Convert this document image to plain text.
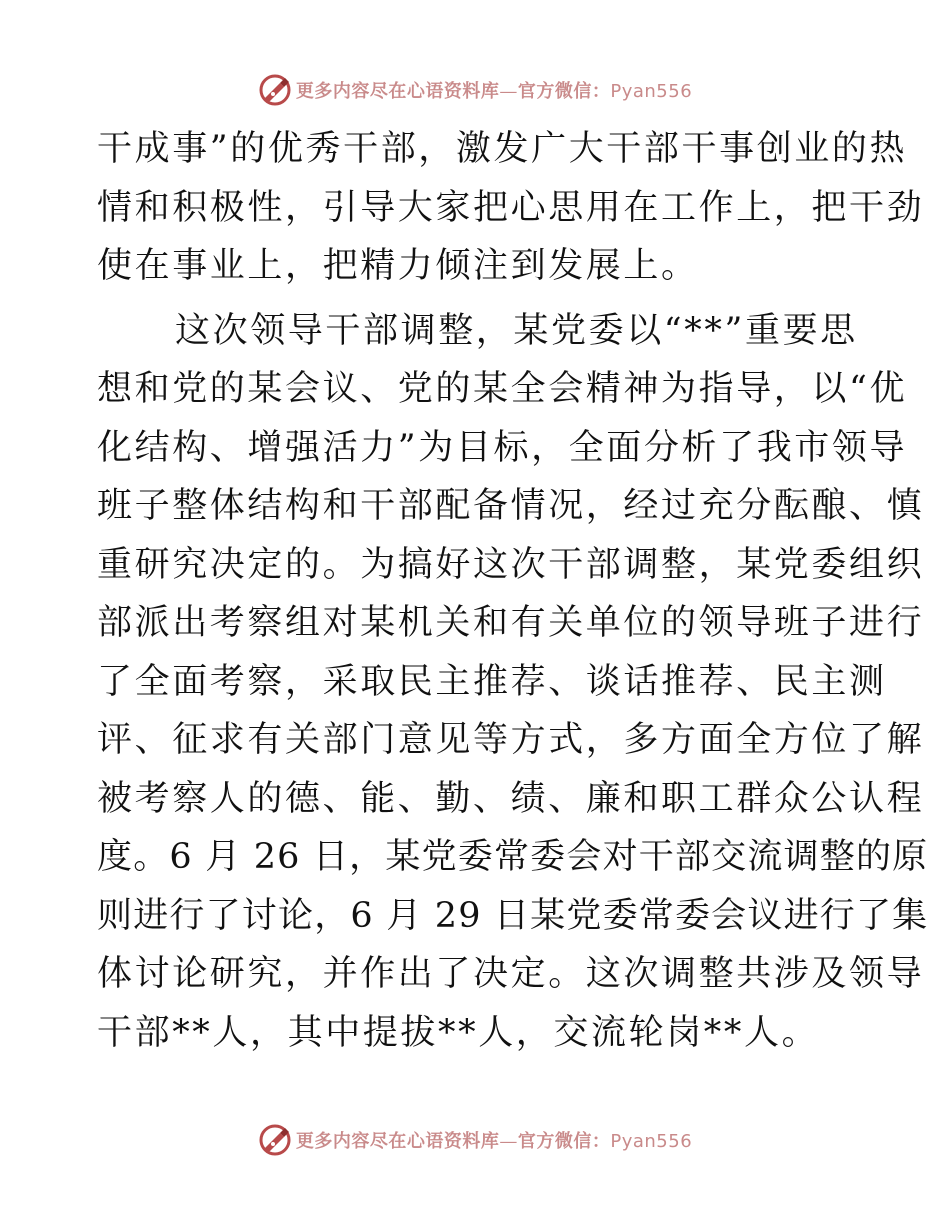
更多内容尽在心语资料库—官方微信：Pyan556
干成事”的优秀干部，激发广大干部干事创业的热
情和积极性，引导大家把心思用在工作上，把干劲
使在事业上，把精力倾注到发展上。
这次领导干部调整，某党委以“**”重要思
想和党的某会议、党的某全会精神为指导，以“优
化结构、增强活力”为目标，全面分析了我市领导
班子整体结构和干部配备情况，经过充分酝酿、慎
重研究决定的。为搞好这次干部调整，某党委组织
部派出考察组对某机关和有关单位的领导班子进行
了全面考察，采取民主推荐、谈话推荐、民主测
评、征求有关部门意见等方式，多方面全方位了解
被考察人的德、能、勤、绩、廉和职工群众公认程
度。6 月 26 日，某党委常委会对干部交流调整的原
则进行了讨论，6 月 29 日某党委常委会议进行了集
体讨论研究，并作出了决定。这次调整共涉及领导
干部**人，其中提拔**人，交流轮岗**人。
更多内容尽在心语资料库—官方微信：Pyan556
